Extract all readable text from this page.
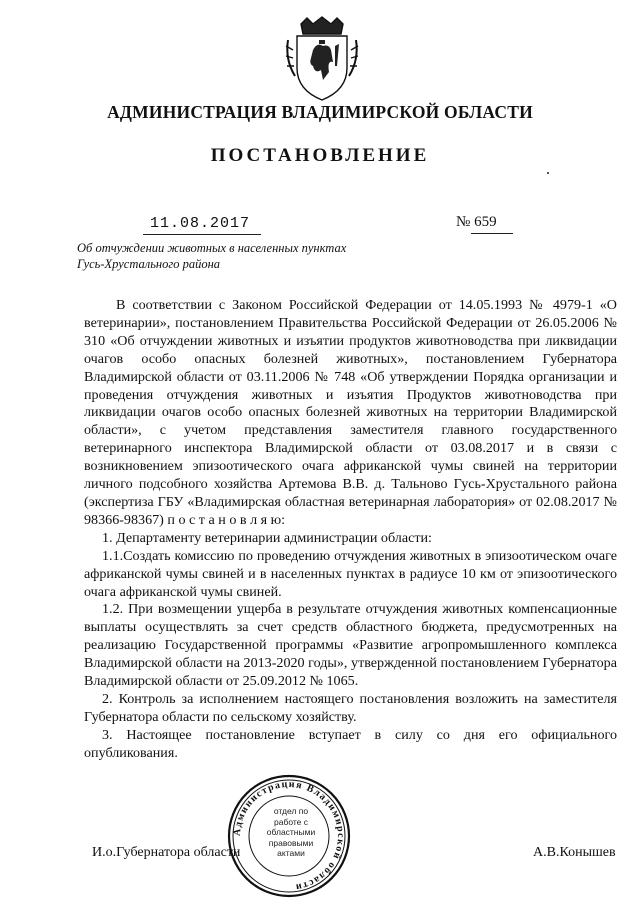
АДМИНИСТРАЦИЯ ВЛАДИМИРСКОЙ ОБЛАСТИ
ПОСТАНОВЛЕНИЕ
11.08.2017	№ 659
Об отчуждении животных в населенных пунктах
Гусь-Хрустального района

В соответствии с Законом Российской Федерации от 14.05.1993 № 4979-1 «О ветеринарии», постановлением Правительства Российской Федерации от 26.05.2006 № 310 «Об отчуждении животных и изъятии продуктов животноводства при ликвидации очагов особо опасных болезней животных», постановлением Губернатора Владимирской области от 03.11.2006 № 748 «Об утверждении Порядка организации и проведения отчуждения животных и изъятия Продуктов животноводства при ликвидации очагов особо опасных болезней животных на территории Владимирской области», с учетом представления заместителя главного государственного ветеринарного инспектора Владимирской области от 03.08.2017 и в связи с возникновением эпизоотического очага африканской чумы свиней на территории личного подсобного хозяйства Артемова В.В. д. Тальново Гусь-Хрустального района (экспертиза ГБУ «Владимирская областная ветеринарная лаборатория» от 02.08.2017 № 98366-98367) п о с т а н о в л я ю:

1. Департаменту ветеринарии администрации области:

1.1.Создать комиссию по проведению отчуждения животных в эпизоотическом очаге африканской чумы свиней и в населенных пунктах в радиусе 10 км от эпизоотического очага африканской чумы свиней.

1.2. При возмещении ущерба в результате отчуждения животных компенсационные выплаты осуществлять за счет средств областного бюджета, предусмотренных на реализацию Государственной программы «Развитие агропромышленного комплекса Владимирской области на 2013-2020 годы», утвержденной постановлением Губернатора Владимирской области от 25.09.2012 № 1065.

2. Контроль за исполнением настоящего постановления возложить на заместителя Губернатора области по сельскому хозяйству.

3. Настоящее постановление вступает в силу со дня его официального опубликования.

И.о.Губернатора области	А.В.Конышев
Администрация Владимирской области
отдел по работе с областными правовыми актами
